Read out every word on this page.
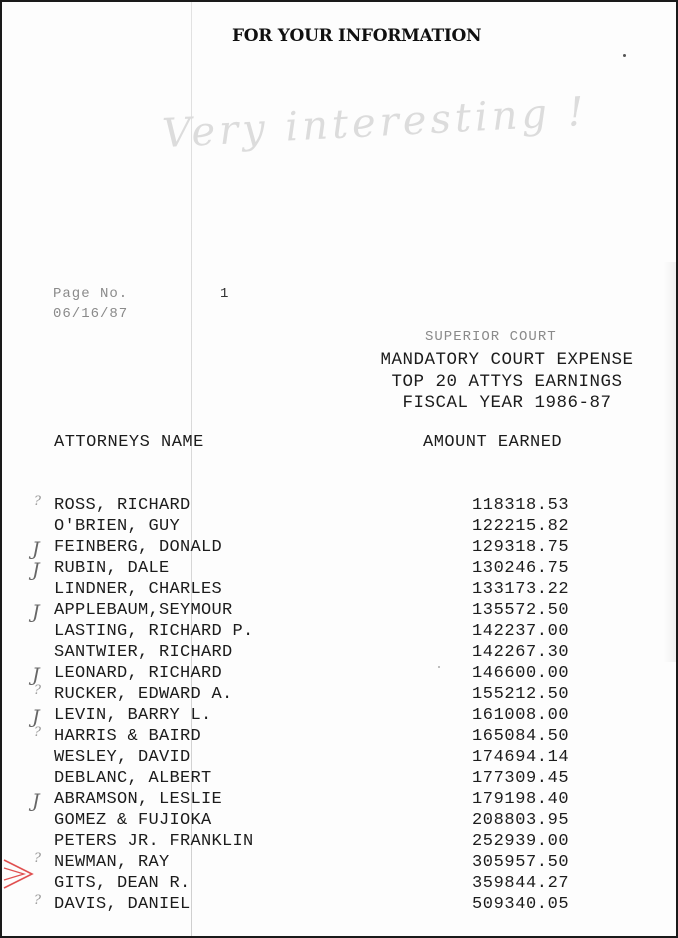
FOR YOUR INFORMATION
Very interesting !
Page No.	1
06/16/87
SUPERIOR COURT
MANDATORY COURT EXPENSE
TOP 20 ATTYS EARNINGS
FISCAL YEAR 1986-87
ATTORNEYS NAME	AMOUNT EARNED
? ROSS, RICHARD	118318.53
O'BRIEN, GUY	122215.82
J FEINBERG, DONALD	129318.75
J RUBIN, DALE	130246.75
LINDNER, CHARLES	133173.22
J APPLEBAUM,SEYMOUR	135572.50
LASTING, RICHARD P.	142237.00
SANTWIER, RICHARD	142267.30
J LEONARD, RICHARD	146600.00
? RUCKER, EDWARD A.	155212.50
J LEVIN, BARRY L.	161008.00
? HARRIS & BAIRD	165084.50
WESLEY, DAVID	174694.14
DEBLANC, ALBERT	177309.45
J ABRAMSON, LESLIE	179198.40
GOMEZ & FUJIOKA	208803.95
PETERS JR. FRANKLIN	252939.00
? NEWMAN, RAY	305957.50
GITS, DEAN R.	359844.27
? DAVIS, DANIEL	509340.05
